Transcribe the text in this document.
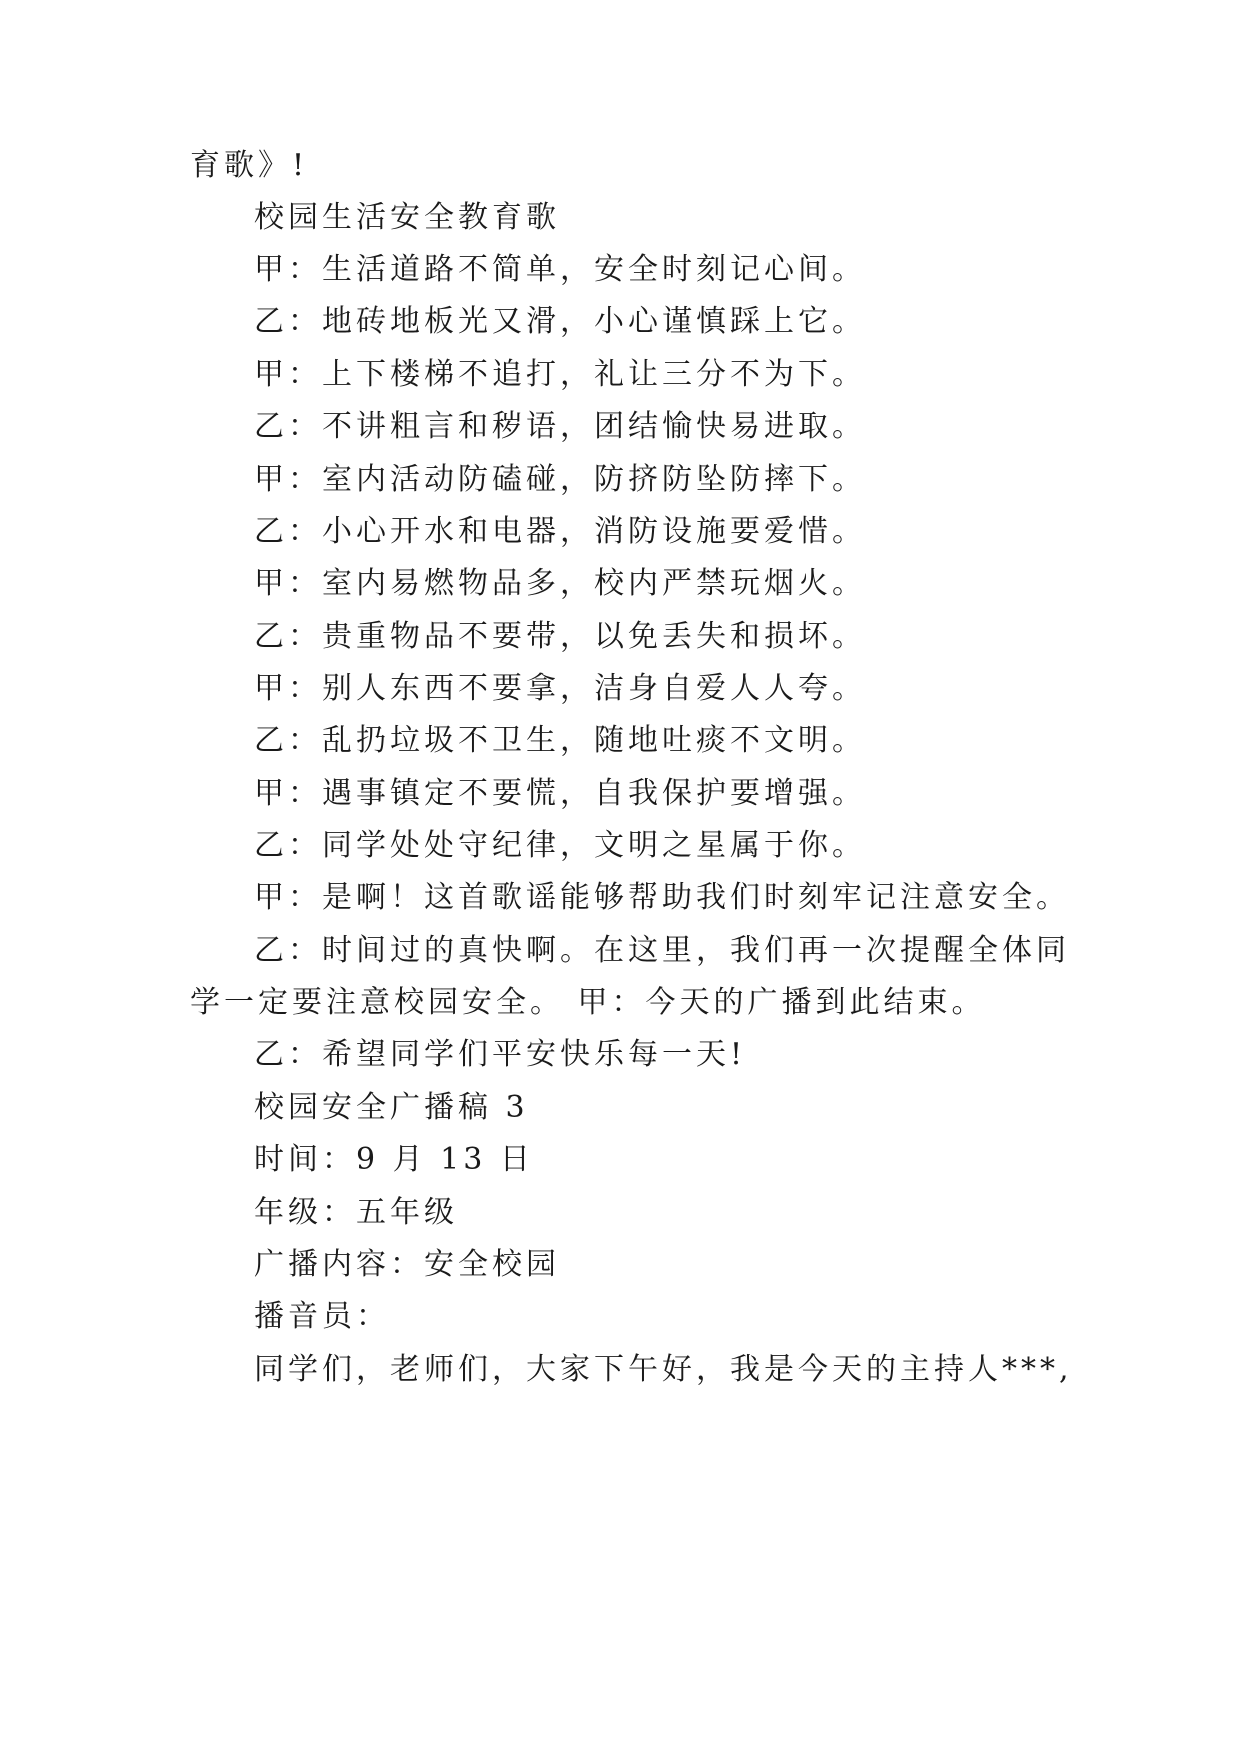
育歌》!
校园生活安全教育歌
甲：生活道路不简单，安全时刻记心间。
乙：地砖地板光又滑，小心谨慎踩上它。
甲：上下楼梯不追打，礼让三分不为下。
乙：不讲粗言和秽语，团结愉快易进取。
甲：室内活动防磕碰，防挤防坠防摔下。
乙：小心开水和电器，消防设施要爱惜。
甲：室内易燃物品多，校内严禁玩烟火。
乙：贵重物品不要带，以免丢失和损坏。
甲：别人东西不要拿，洁身自爱人人夸。
乙：乱扔垃圾不卫生，随地吐痰不文明。
甲：遇事镇定不要慌，自我保护要增强。
乙：同学处处守纪律，文明之星属于你。
甲：是啊！这首歌谣能够帮助我们时刻牢记注意安全。
乙：时间过的真快啊。在这里，我们再一次提醒全体同
学一定要注意校园安全。 甲：今天的广播到此结束。
乙：希望同学们平安快乐每一天!
校园安全广播稿 3
时间：9 月 13 日
年级：五年级
广播内容：安全校园
播音员：
同学们，老师们，大家下午好，我是今天的主持人***,
